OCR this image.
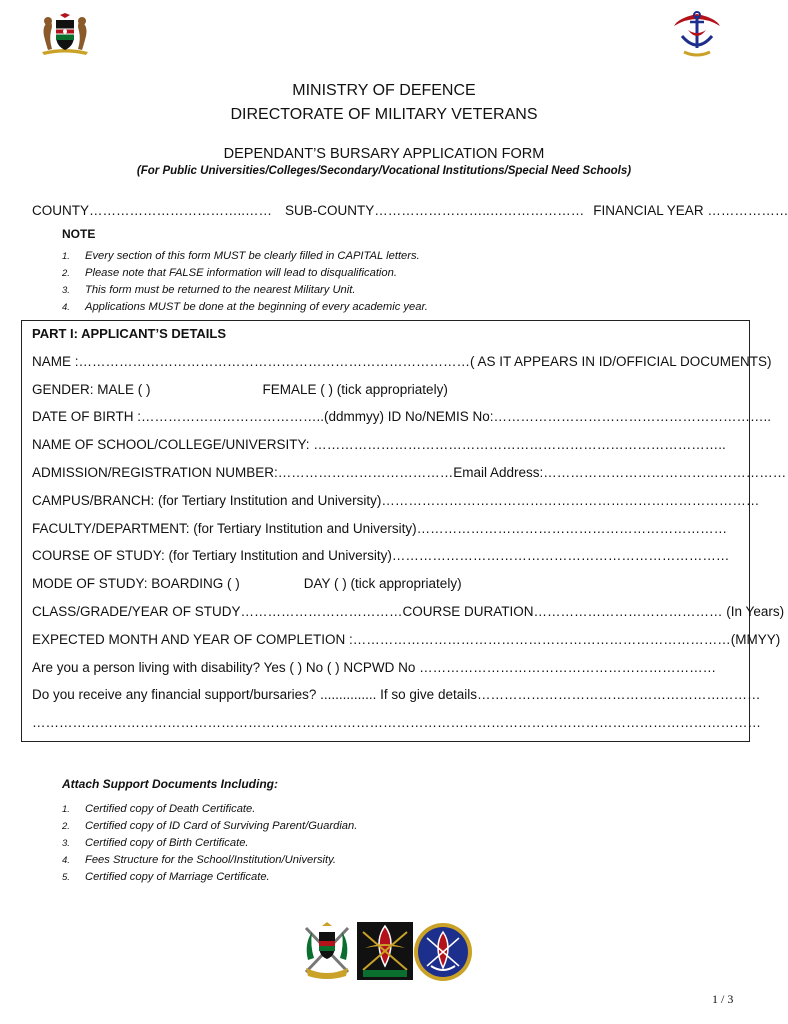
MINISTRY OF DEFENCE
DIRECTORATE OF MILITARY VETERANS
DEPENDANT’S BURSARY APPLICATION FORM
(For Public Universities/Colleges/Secondary/Vocational Institutions/Special Need Schools)
COUNTY……………………………..…… SUB-COUNTY……………………..………………… FINANCIAL YEAR ………………
NOTE
1. Every section of this form MUST be clearly filled in CAPITAL letters.
2. Please note that FALSE information will lead to disqualification.
3. This form must be returned to the nearest Military Unit.
4. Applications MUST be done at the beginning of every academic year.
PART I: APPLICANT’S DETAILS
NAME :……………………………………………………………………………( AS IT APPEARS IN ID/OFFICIAL DOCUMENTS)
GENDER: MALE ( )	FEMALE ( ) (tick appropriately)
DATE OF BIRTH :…………………………………..(ddmmyy) ID No/NEMIS No:……………………………………………………..
NAME OF SCHOOL/COLLEGE/UNIVERSITY: ………………………………………………………………………………..
ADMISSION/REGISTRATION NUMBER:…………………………………Email Address:………………………………………………
CAMPUS/BRANCH: (for Tertiary Institution and University)…………………………………………………………………………
FACULTY/DEPARTMENT: (for Tertiary Institution and University)……………………………………………………………
COURSE OF STUDY: (for Tertiary Institution and University)…………………………………………………………………
MODE OF STUDY: BOARDING ( )	DAY ( ) (tick appropriately)
CLASS/GRADE/YEAR OF STUDY………………………………COURSE DURATION…………………………………… (In Years)
EXPECTED MONTH AND YEAR OF COMPLETION :…………………………………………………………………………(MMYY)
Are you a person living with disability? Yes ( ) No ( ) NCPWD No …………………………………………………………
Do you receive any financial support/bursaries? ............... If so give details………………………………………………………
………………………………………………………………………………………………………………………………………………
Attach Support Documents Including:
1. Certified copy of Death Certificate.
2. Certified copy of ID Card of Surviving Parent/Guardian.
3. Certified copy of Birth Certificate.
4. Fees Structure for the School/Institution/University.
5. Certified copy of Marriage Certificate.
1 / 3
